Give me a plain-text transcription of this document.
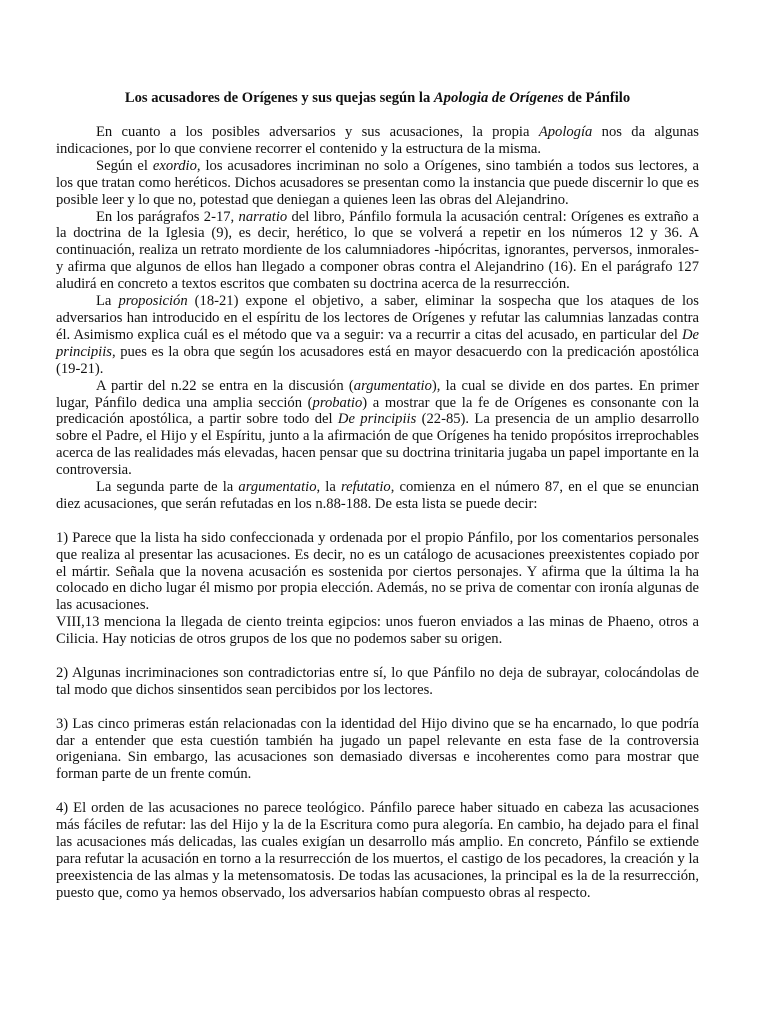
Los acusadores de Orígenes y sus quejas según la Apologia de Orígenes de Pánfilo

En cuanto a los posibles adversarios y sus acusaciones, la propia Apología nos da algunas indicaciones, por lo que conviene recorrer el contenido y la estructura de la misma.

Según el exordio, los acusadores incriminan no solo a Orígenes, sino también a todos sus lectores, a los que tratan como heréticos. Dichos acusadores se presentan como la instancia que puede discernir lo que es posible leer y lo que no, potestad que deniegan a quienes leen las obras del Alejandrino.

En los parágrafos 2-17, narratio del libro, Pánfilo formula la acusación central: Orígenes es extraño a la doctrina de la Iglesia (9), es decir, herético, lo que se volverá a repetir en los números 12 y 36. A continuación, realiza un retrato mordiente de los calumniadores -hipócritas, ignorantes, perversos, inmorales- y afirma que algunos de ellos han llegado a componer obras contra el Alejandrino (16). En el parágrafo 127 aludirá en concreto a textos escritos que combaten su doctrina acerca de la resurrección.

La proposición (18-21) expone el objetivo, a saber, eliminar la sospecha que los ataques de los adversarios han introducido en el espíritu de los lectores de Orígenes y refutar las calumnias lanzadas contra él. Asimismo explica cuál es el método que va a seguir: va a recurrir a citas del acusado, en particular del De principiis, pues es la obra que según los acusadores está en mayor desacuerdo con la predicación apostólica (19-21).

A partir del n.22 se entra en la discusión (argumentatio), la cual se divide en dos partes. En primer lugar, Pánfilo dedica una amplia sección (probatio) a mostrar que la fe de Orígenes es consonante con la predicación apostólica, a partir sobre todo del De principiis (22-85). La presencia de un amplio desarrollo sobre el Padre, el Hijo y el Espíritu, junto a la afirmación de que Orígenes ha tenido propósitos irreprochables acerca de las realidades más elevadas, hacen pensar que su doctrina trinitaria jugaba un papel importante en la controversia.

La segunda parte de la argumentatio, la refutatio, comienza en el número 87, en el que se enuncian diez acusaciones, que serán refutadas en los n.88-188. De esta lista se puede decir:

1) Parece que la lista ha sido confeccionada y ordenada por el propio Pánfilo, por los comentarios personales que realiza al presentar las acusaciones. Es decir, no es un catálogo de acusaciones preexistentes copiado por el mártir. Señala que la novena acusación es sostenida por ciertos personajes. Y afirma que la última la ha colocado en dicho lugar él mismo por propia elección. Además, no se priva de comentar con ironía algunas de las acusaciones.

VIII,13 menciona la llegada de ciento treinta egipcios: unos fueron enviados a las minas de Phaeno, otros a Cilicia. Hay noticias de otros grupos de los que no podemos saber su origen.

2) Algunas incriminaciones son contradictorias entre sí, lo que Pánfilo no deja de subrayar, colocándolas de tal modo que dichos sinsentidos sean percibidos por los lectores.

3) Las cinco primeras están relacionadas con la identidad del Hijo divino que se ha encarnado, lo que podría dar a entender que esta cuestión también ha jugado un papel relevante en esta fase de la controversia origeniana. Sin embargo, las acusaciones son demasiado diversas e incoherentes como para mostrar que forman parte de un frente común.

4) El orden de las acusaciones no parece teológico. Pánfilo parece haber situado en cabeza las acusaciones más fáciles de refutar: las del Hijo y la de la Escritura como pura alegoría. En cambio, ha dejado para el final las acusaciones más delicadas, las cuales exigían un desarrollo más amplio. En concreto, Pánfilo se extiende para refutar la acusación en torno a la resurrección de los muertos, el castigo de los pecadores, la creación y la preexistencia de las almas y la metensomatosis. De todas las acusaciones, la principal es la de la resurrección, puesto que, como ya hemos observado, los adversarios habían compuesto obras al respecto.
